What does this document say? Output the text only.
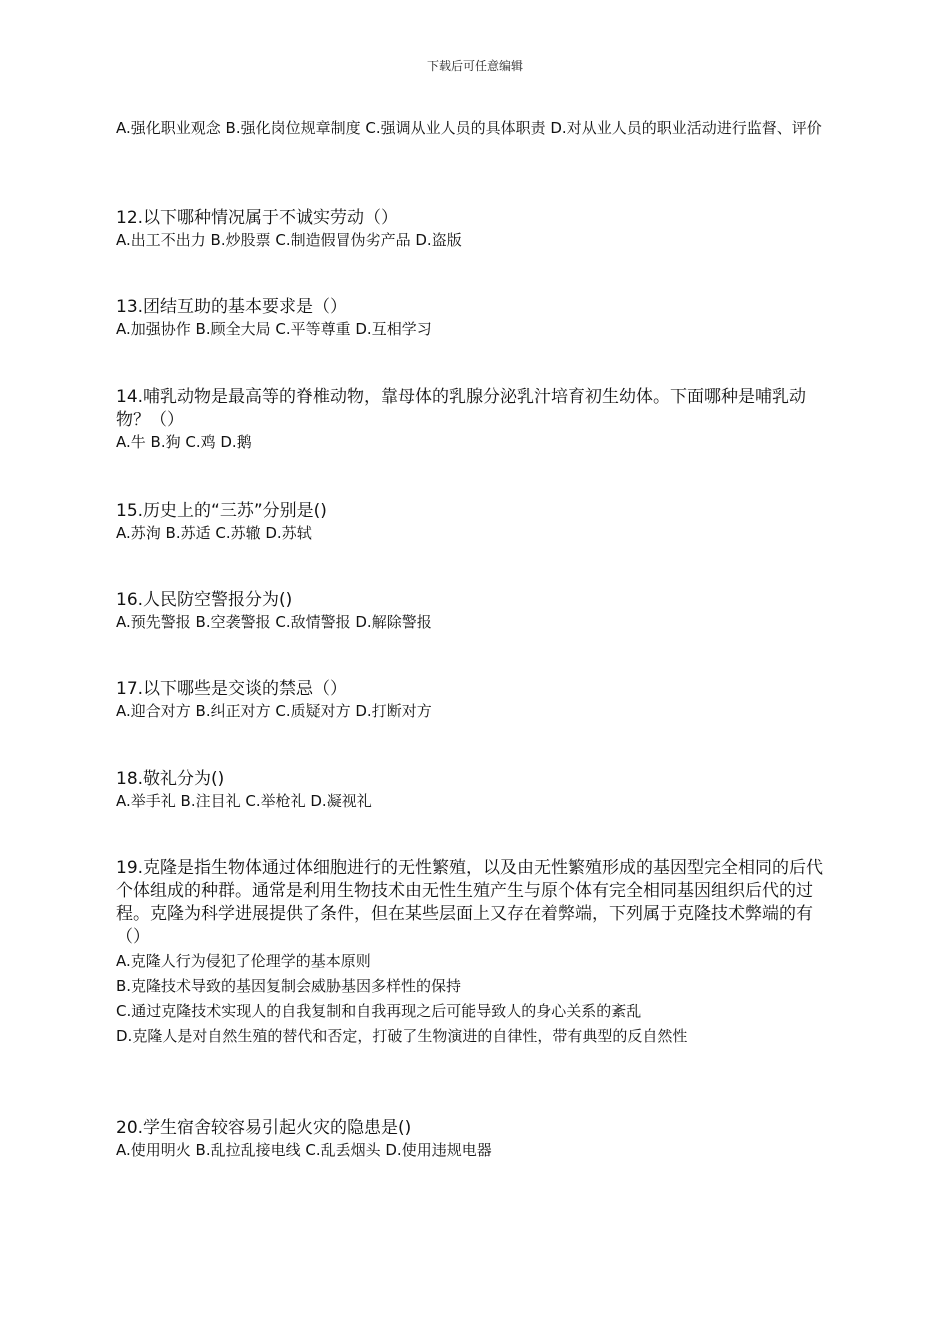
下载后可任意编辑

A.强化职业观念 B.强化岗位规章制度 C.强调从业人员的具体职责 D.对从业人员的职业活动进行监督、评价

12.以下哪种情况属于不诚实劳动（）

A.出工不出力 B.炒股票 C.制造假冒伪劣产品 D.盗版

13.团结互助的基本要求是（）

A.加强协作 B.顾全大局 C.平等尊重 D.互相学习

14.哺乳动物是最高等的脊椎动物，靠母体的乳腺分泌乳汁培育初生幼体。下面哪种是哺乳动物？（）

A.牛 B.狗 C.鸡 D.鹅

15.历史上的“三苏”分别是()

A.苏洵 B.苏适 C.苏辙 D.苏轼

16.人民防空警报分为()

A.预先警报 B.空袭警报 C.敌情警报 D.解除警报

17.以下哪些是交谈的禁忌（）

A.迎合对方 B.纠正对方 C.质疑对方 D.打断对方

18.敬礼分为()

A.举手礼 B.注目礼 C.举枪礼 D.凝视礼

19.克隆是指生物体通过体细胞进行的无性繁殖，以及由无性繁殖形成的基因型完全相同的后代个体组成的种群。通常是利用生物技术由无性生殖产生与原个体有完全相同基因组织后代的过程。克隆为科学进展提供了条件，但在某些层面上又存在着弊端，下列属于克隆技术弊端的有（）

A.克隆人行为侵犯了伦理学的基本原则

B.克隆技术导致的基因复制会威胁基因多样性的保持

C.通过克隆技术实现人的自我复制和自我再现之后可能导致人的身心关系的紊乱

D.克隆人是对自然生殖的替代和否定，打破了生物演进的自律性，带有典型的反自然性

20.学生宿舍较容易引起火灾的隐患是()

A.使用明火 B.乱拉乱接电线 C.乱丢烟头 D.使用违规电器
